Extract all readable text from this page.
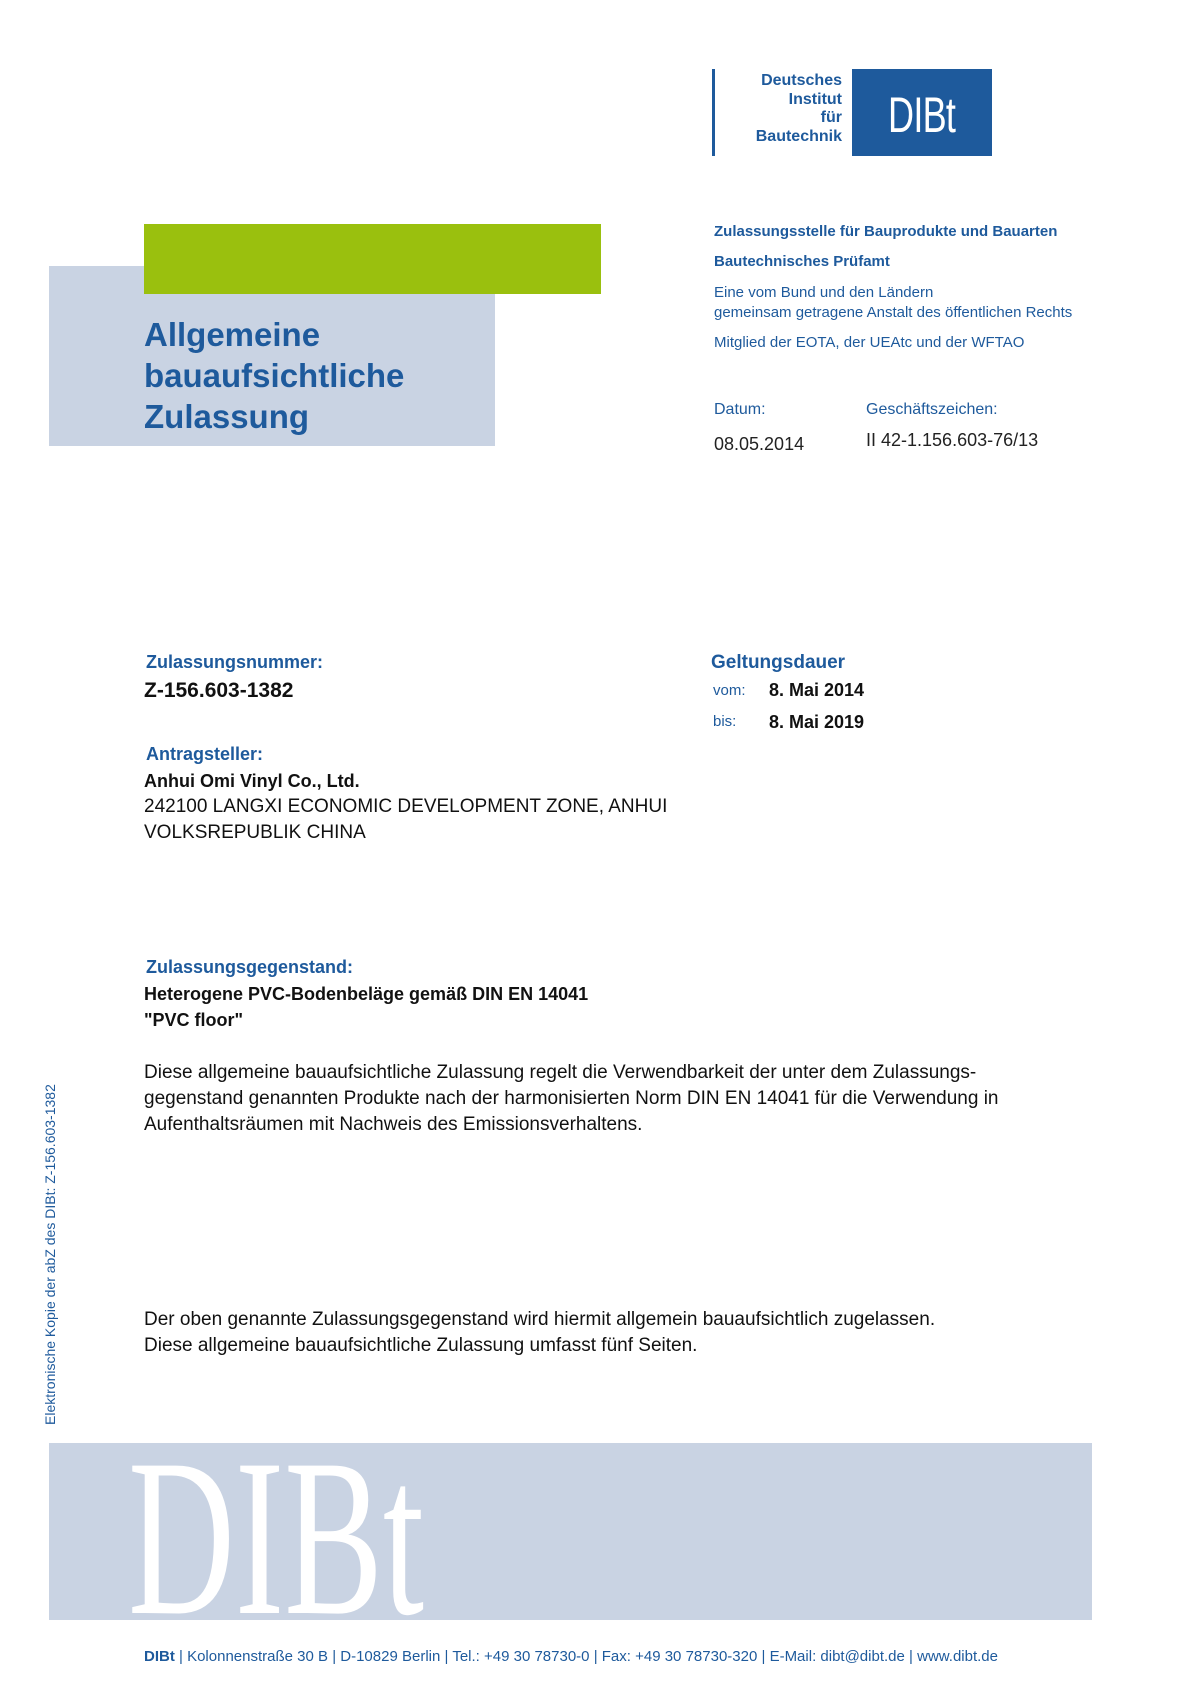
Deutsches
Institut
für
Bautechnik DIBt
Allgemeine
bauaufsichtliche
Zulassung
Zulassungsstelle für Bauprodukte und Bauarten
Bautechnisches Prüfamt
Eine vom Bund und den Ländern
gemeinsam getragene Anstalt des öffentlichen Rechts
Mitglied der EOTA, der UEAtc und der WFTAO
Datum:
08.05.2014
Geschäftszeichen:
II 42-1.156.603-76/13
Zulassungsnummer:
Z-156.603-1382
Geltungsdauer
vom: 8. Mai 2014
bis: 8. Mai 2019
Antragsteller:
Anhui Omi Vinyl Co., Ltd.
242100 LANGXI ECONOMIC DEVELOPMENT ZONE, ANHUI
VOLKSREPUBLIK CHINA
Zulassungsgegenstand:
Heterogene PVC-Bodenbeläge gemäß DIN EN 14041
"PVC floor"
Diese allgemeine bauaufsichtliche Zulassung regelt die Verwendbarkeit der unter dem Zulassungs-
gegenstand genannten Produkte nach der harmonisierten Norm DIN EN 14041 für die Verwendung in
Aufenthaltsräumen mit Nachweis des Emissionsverhaltens.
Der oben genannte Zulassungsgegenstand wird hiermit allgemein bauaufsichtlich zugelassen.
Diese allgemeine bauaufsichtliche Zulassung umfasst fünf Seiten.
Elektronische Kopie der abZ des DIBt: Z-156.603-1382
DIBt
DIBt | Kolonnenstraße 30 B | D-10829 Berlin | Tel.: +49 30 78730-0 | Fax: +49 30 78730-320 | E-Mail: dibt@dibt.de | www.dibt.de
